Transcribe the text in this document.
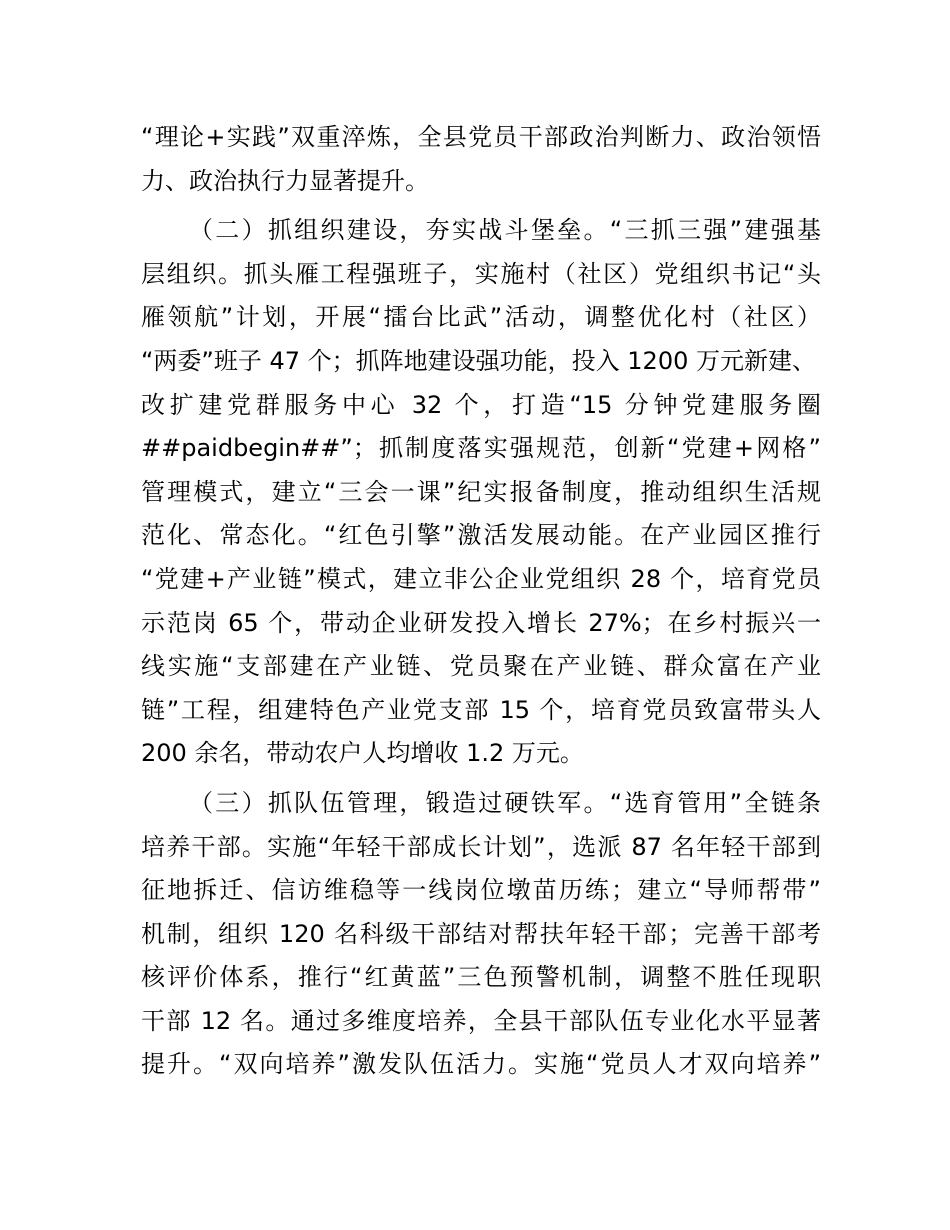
“理论+实践”双重淬炼，全县党员干部政治判断力、政治领悟
力、政治执行力显著提升。
（二）抓组织建设，夯实战斗堡垒。“三抓三强”建强基
层组织。抓头雁工程强班子，实施村（社区）党组织书记“头
雁领航”计划，开展“擂台比武”活动，调整优化村（社区）
“两委”班子 47 个；抓阵地建设强功能，投入 1200 万元新建、
改扩建党群服务中心 32 个，打造“15 分钟党建服务圈
##paidbegin##”；抓制度落实强规范，创新“党建+网格”
管理模式，建立“三会一课”纪实报备制度，推动组织生活规
范化、常态化。“红色引擎”激活发展动能。在产业园区推行
“党建+产业链”模式，建立非公企业党组织 28 个，培育党员
示范岗 65 个，带动企业研发投入增长 27%；在乡村振兴一
线实施“支部建在产业链、党员聚在产业链、群众富在产业
链”工程，组建特色产业党支部 15 个，培育党员致富带头人
200 余名，带动农户人均增收 1.2 万元。
（三）抓队伍管理，锻造过硬铁军。“选育管用”全链条
培养干部。实施“年轻干部成长计划”，选派 87 名年轻干部到
征地拆迁、信访维稳等一线岗位墩苗历练；建立“导师帮带”
机制，组织 120 名科级干部结对帮扶年轻干部；完善干部考
核评价体系，推行“红黄蓝”三色预警机制，调整不胜任现职
干部 12 名。通过多维度培养，全县干部队伍专业化水平显著
提升。“双向培养”激发队伍活力。实施“党员人才双向培养”
